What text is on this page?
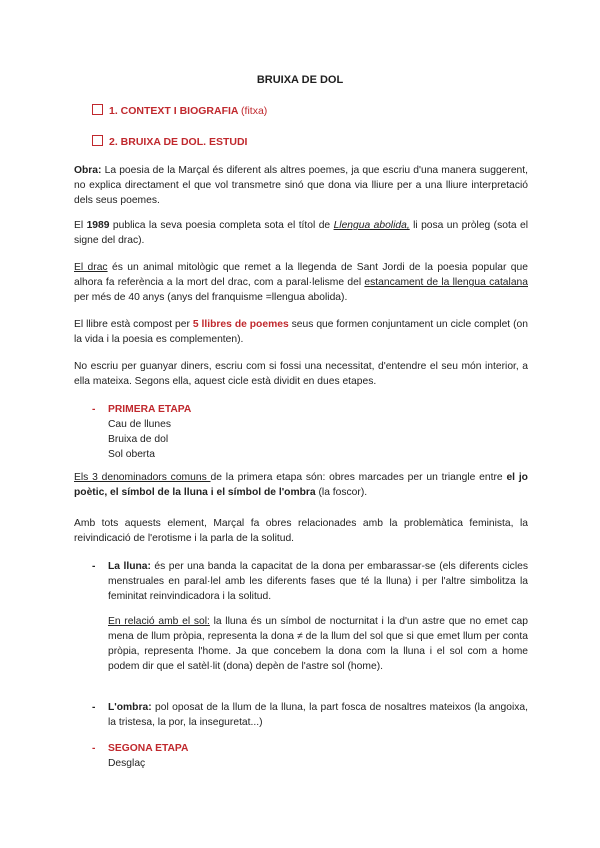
BRUIXA DE DOL
1. CONTEXT I BIOGRAFIA (fitxa)
2. BRUIXA DE DOL. ESTUDI
Obra: La poesia de la Marçal és diferent als altres poemes, ja que escriu d'una manera suggerent, no explica directament el que vol transmetre sinó que dona via lliure per a una lliure interpretació dels seus poemes.
El 1989 publica la seva poesia completa sota el títol de Llengua abolida, li posa un pròleg (sota el signe del drac).
El drac és un animal mitològic que remet a la llegenda de Sant Jordi de la poesia popular que alhora fa referència a la mort del drac, com a paral·lelisme del estancament de la llengua catalana per més de 40 anys (anys del franquisme =llengua abolida).
El llibre està compost per 5 llibres de poemes seus que formen conjuntament un cicle complet (on la vida i la poesia es complementen).
No escriu per guanyar diners, escriu com si fossi una necessitat, d'entendre el seu món interior, a ella mateixa. Segons ella, aquest cicle està dividit en dues etapes.
- PRIMERA ETAPA
Cau de llunes
Bruixa de dol
Sol oberta
Els 3 denominadors comuns de la primera etapa són: obres marcades per un triangle entre el jo poètic, el símbol de la lluna i el símbol de l'ombra (la foscor).
Amb tots aquests element, Marçal fa obres relacionades amb la problemàtica feminista, la reivindicació de l'erotisme i la parla de la solitud.
- La lluna: és per una banda la capacitat de la dona per embarassar-se (els diferents cicles menstruales en paral·lel amb les diferents fases que té la lluna) i per l'altre simbolitza la feminitat reinvindicadora i la solitud.
En relació amb el sol: la lluna és un símbol de nocturnitat i la d'un astre que no emet cap mena de llum pròpia, representa la dona ≠ de la llum del sol que si que emet llum per conta pròpia, representa l'home. Ja que concebem la dona com la lluna i el sol com a home podem dir que el satèl·lit (dona) depèn de l'astre sol (home).
- L'ombra: pol oposat de la llum de la lluna, la part fosca de nosaltres mateixos (la angoixa, la tristesa, la por, la inseguretat...)
- SEGONA ETAPA
Desglaç
